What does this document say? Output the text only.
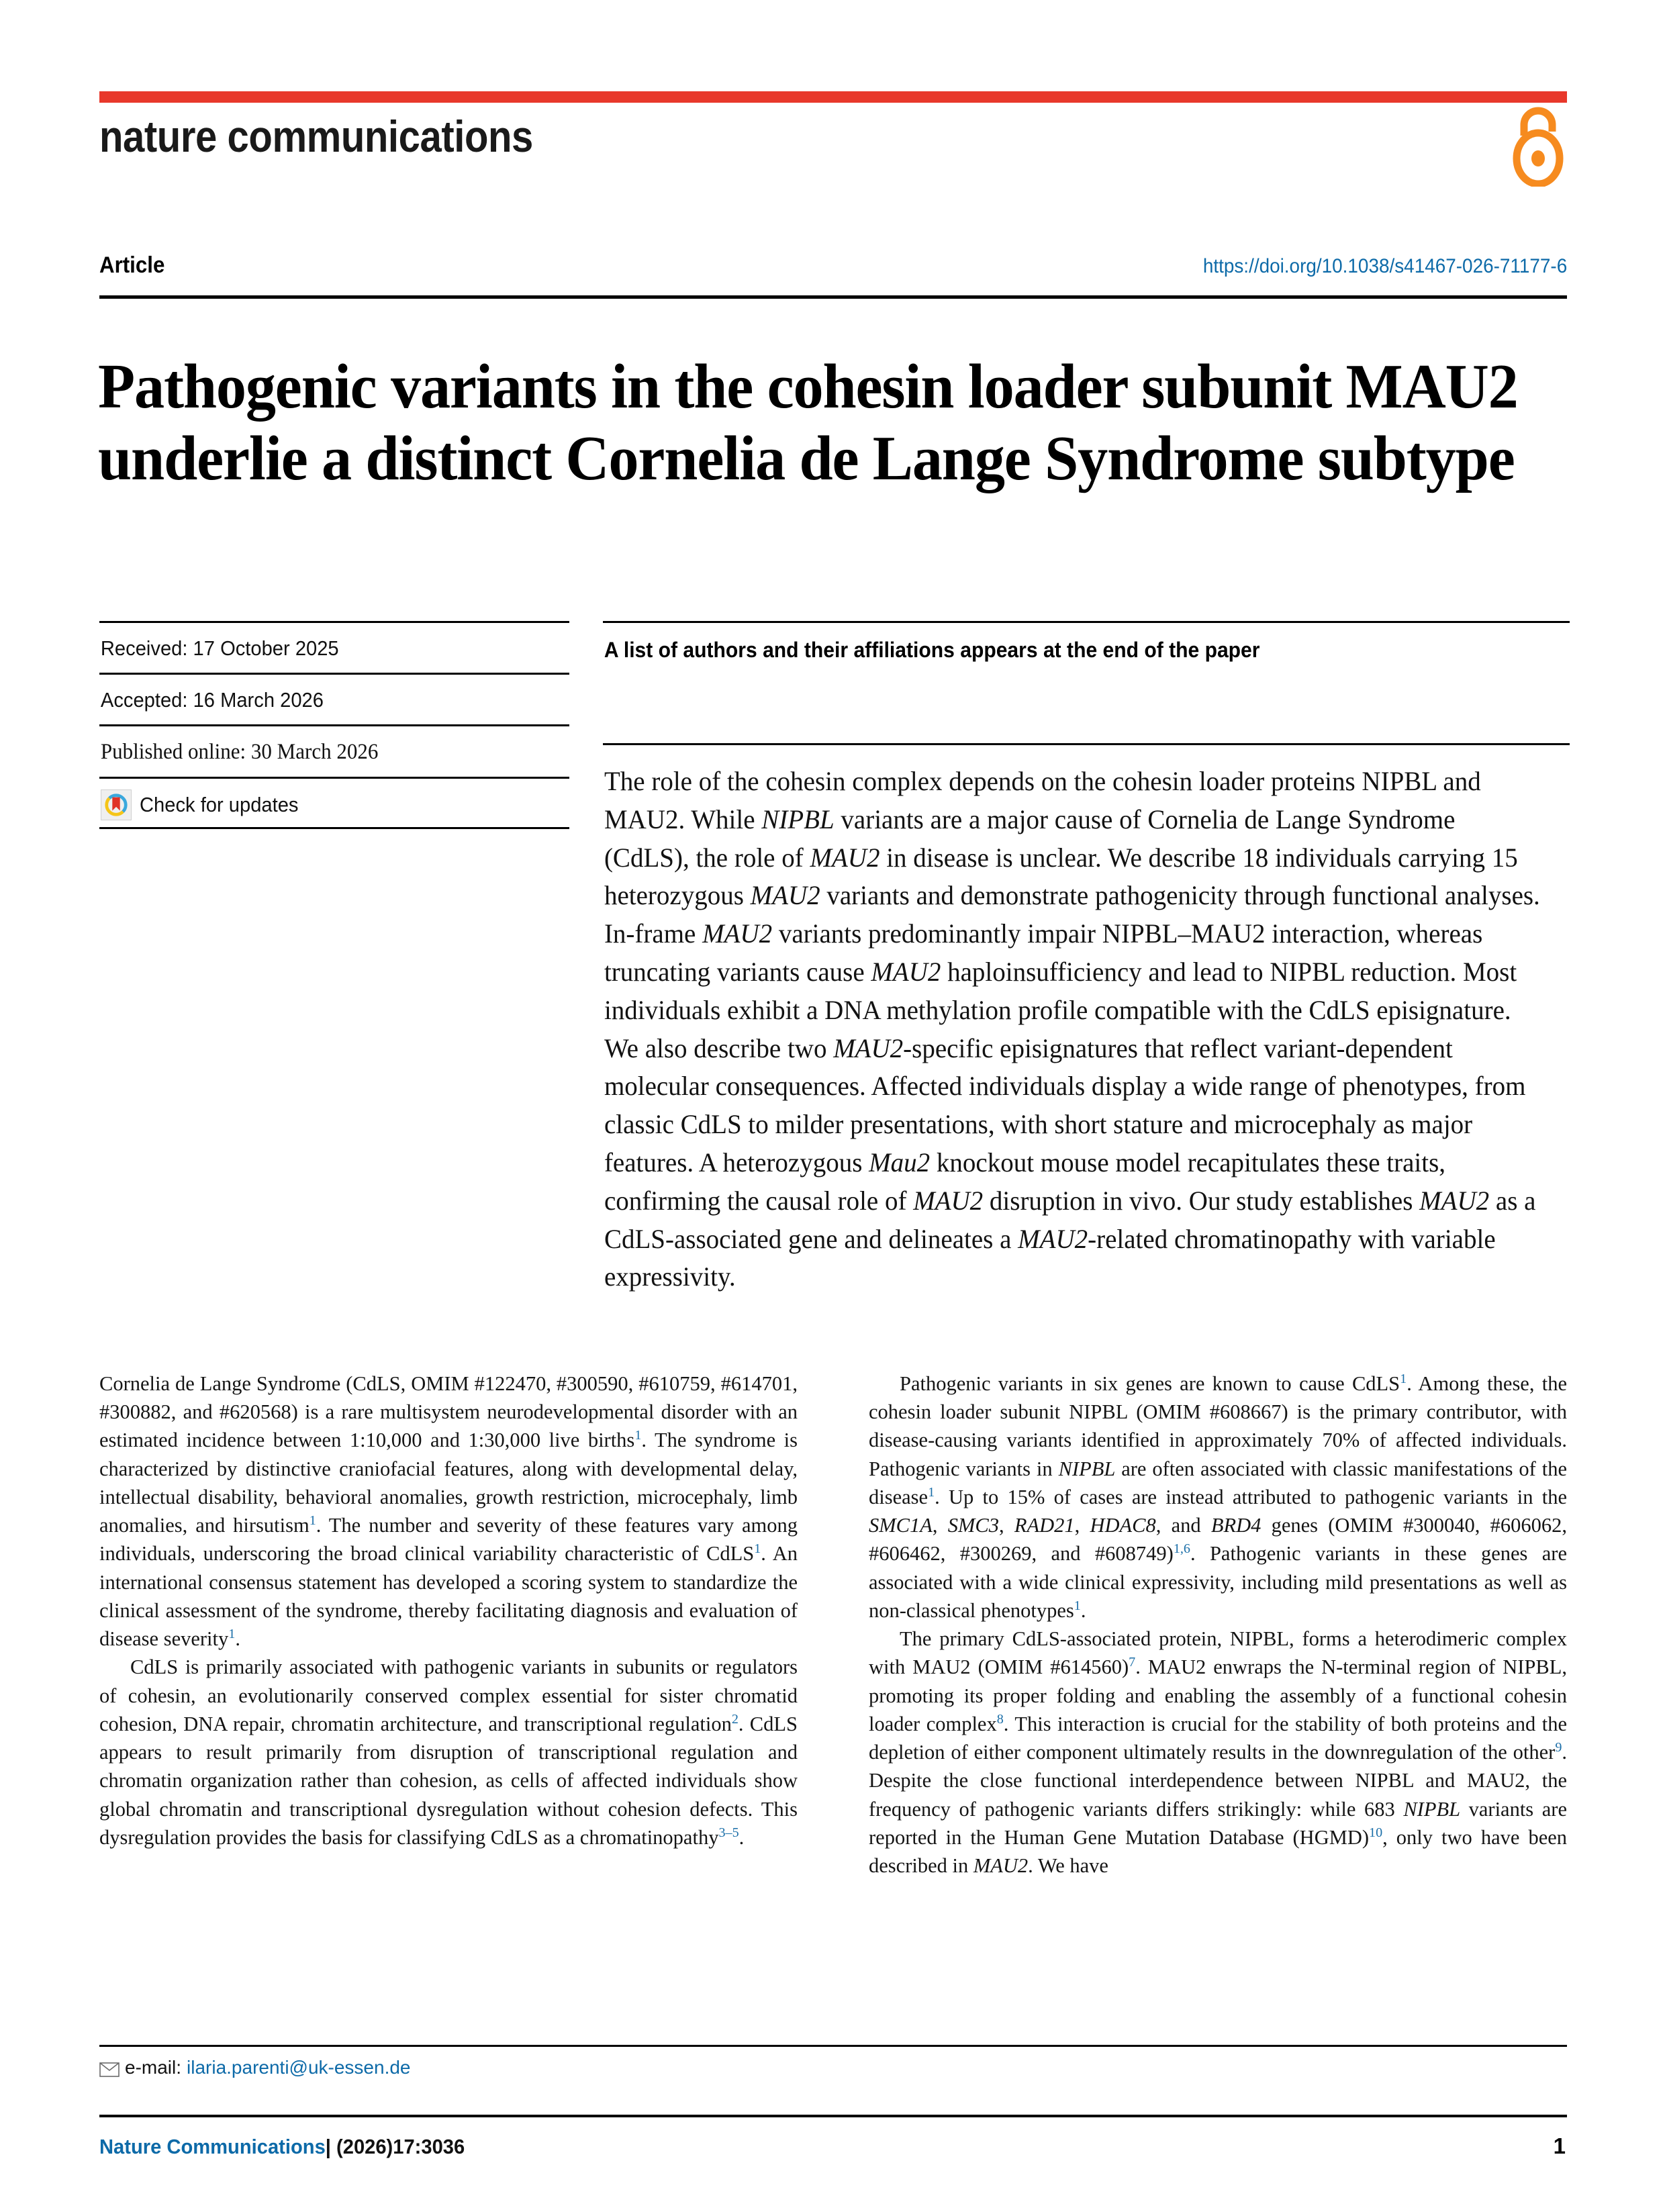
nature communications
Article	https://doi.org/10.1038/s41467-026-71177-6
Pathogenic variants in the cohesin loader subunit MAU2 underlie a distinct Cornelia de Lange Syndrome subtype
Received: 17 October 2025
Accepted: 16 March 2026
Published online: 30 March 2026
Check for updates
A list of authors and their affiliations appears at the end of the paper
The role of the cohesin complex depends on the cohesin loader proteins NIPBL and MAU2. While NIPBL variants are a major cause of Cornelia de Lange Syndrome (CdLS), the role of MAU2 in disease is unclear. We describe 18 individuals carrying 15 heterozygous MAU2 variants and demonstrate pathogenicity through functional analyses. In-frame MAU2 variants predominantly impair NIPBL–MAU2 interaction, whereas truncating variants cause MAU2 haploinsufficiency and lead to NIPBL reduction. Most individuals exhibit a DNA methylation profile compatible with the CdLS episignature. We also describe two MAU2-specific episignatures that reflect variant-dependent molecular consequences. Affected individuals display a wide range of phenotypes, from classic CdLS to milder presentations, with short stature and microcephaly as major features. A heterozygous Mau2 knockout mouse model recapitulates these traits, confirming the causal role of MAU2 disruption in vivo. Our study establishes MAU2 as a CdLS-associated gene and delineates a MAU2-related chromatinopathy with variable expressivity.

Cornelia de Lange Syndrome (CdLS, OMIM #122470, #300590, #610759, #614701, #300882, and #620568) is a rare multisystem neurodevelopmental disorder with an estimated incidence between 1:10,000 and 1:30,000 live births$^1$. The syndrome is characterized by distinctive craniofacial features, along with developmental delay, intellectual disability, behavioral anomalies, growth restriction, microcephaly, limb anomalies, and hirsutism$^1$. The number and severity of these features vary among individuals, underscoring the broad clinical variability characteristic of CdLS$^1$. An international consensus statement has developed a scoring system to standardize the clinical assessment of the syndrome, thereby facilitating diagnosis and evaluation of disease severity$^1$.

CdLS is primarily associated with pathogenic variants in subunits or regulators of cohesin, an evolutionarily conserved complex essential for sister chromatid cohesion, DNA repair, chromatin architecture, and transcriptional regulation$^2$. CdLS appears to result primarily from disruption of transcriptional regulation and chromatin organization rather than cohesion, as cells of affected individuals show global chromatin and transcriptional dysregulation without cohesion defects. This dysregulation provides the basis for classifying CdLS as a chromatinopathy$^{3-5}$.

Pathogenic variants in six genes are known to cause CdLS$^1$. Among these, the cohesin loader subunit NIPBL (OMIM #608667) is the primary contributor, with disease-causing variants identified in approximately 70% of affected individuals. Pathogenic variants in NIPBL are often associated with classic manifestations of the disease$^1$. Up to 15% of cases are instead attributed to pathogenic variants in the SMC1A, SMC3, RAD21, HDAC8, and BRD4 genes (OMIM #300040, #606062, #606462, #300269, and #608749)$^{1,6}$. Pathogenic variants in these genes are associated with a wide clinical expressivity, including mild presentations as well as non-classical phenotypes$^1$.

The primary CdLS-associated protein, NIPBL, forms a heterodimeric complex with MAU2 (OMIM #614560)$^7$. MAU2 enwraps the N-terminal region of NIPBL, promoting its proper folding and enabling the assembly of a functional cohesin loader complex$^8$. This interaction is crucial for the stability of both proteins and the depletion of either component ultimately results in the downregulation of the other$^9$. Despite the close functional interdependence between NIPBL and MAU2, the frequency of pathogenic variants differs strikingly: while 683 NIPBL variants are reported in the Human Gene Mutation Database (HGMD)$^{10}$, only two have been described in MAU2. We have

e-mail: ilaria.parenti@uk-essen.de
Nature Communications| (2026)17:3036	1
